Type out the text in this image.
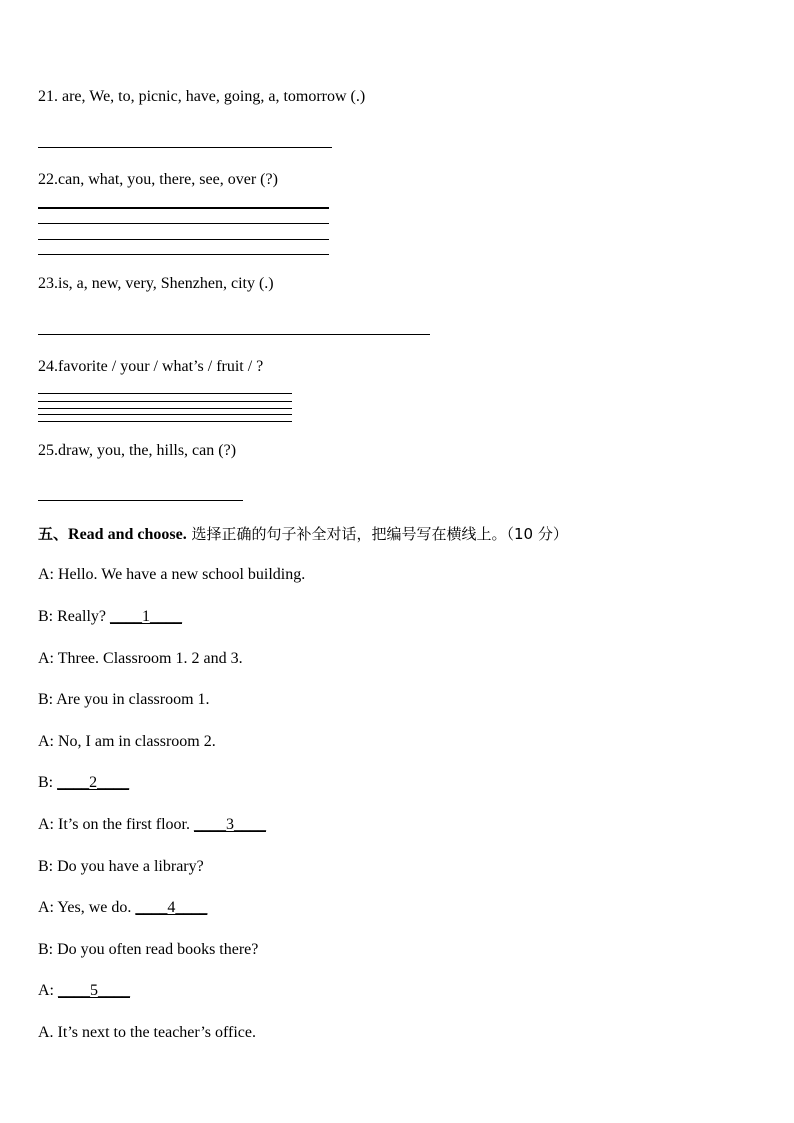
21. are, We, to, picnic, have, going, a, tomorrow (.)
22.can, what, you, there, see, over (?)
23.is, a, new, very, Shenzhen, city (.)
24.favorite / your / what’s / fruit / ?
25.draw, you, the, hills, can (?)
五、Read and choose. 选择正确的句子补全对话，把编号写在横线上。（10 分）
A: Hello. We have a new school building.
B: Really? ____1____
A: Three. Classroom 1. 2 and 3.
B: Are you in classroom 1.
A: No, I am in classroom 2.
B: ____2____
A: It’s on the first floor. ____3____
B: Do you have a library?
A: Yes, we do. ____4____
B: Do you often read books there?
A: ____5____
A. It’s next to the teacher’s office.
